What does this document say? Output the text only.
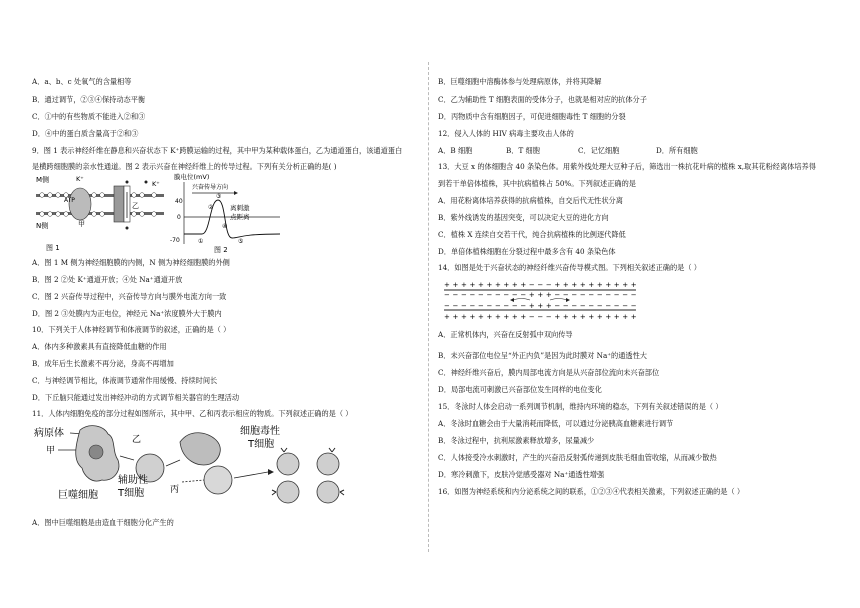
A．a、b、c 处氧气的含量相等
B．通过调节，②③④保持动态平衡
C．①中的有些物质不能进入②和③
D．④中的蛋白质含量高于②和③
9．图 1 表示神经纤维在静息和兴奋状态下 K⁺跨膜运输的过程，其中甲为某种载体蛋白，乙为通道蛋白，该通道蛋白
是横跨细胞膜的亲水性通道。图 2 表示兴奋在神经纤维上的传导过程。下列有关分析正确的是( )
M侧
N侧
K⁺
ATP
甲
乙
K⁺
图 1
膜电位(mV)
兴奋传导方向
40
0
-70
离刺激
点距离
①
②
③
④
⑤
图 2
A．图 1 M 侧为神经细胞膜的内侧，N 侧为神经细胞膜的外侧
B．图 2 ②处 K⁺通道开放；④处 Na⁺通道开放
C．图 2 兴奋传导过程中，兴奋传导方向与膜外电流方向一致
D．图 2 ③处膜内为正电位，神经元 Na⁺浓度膜外大于膜内
10．下列关于人体神经调节和体液调节的叙述，正确的是（ ）
A．体内多种激素具有直接降低血糖的作用
B．成年后生长激素不再分泌，身高不再增加
C．与神经调节相比，体液调节通常作用缓慢、持续时间长
D．下丘脑只能通过发出神经冲动的方式调节相关器官的生理活动
11．人体内细胞免疫的部分过程如图所示，其中甲、乙和丙表示相应的物质。下列叙述正确的是（ ）
病原体
甲
巨噬细胞
乙
辅助性
T细胞	丙
细胞毒性
T细胞
A．图中巨噬细胞是由造血干细胞分化产生的
B．巨噬细胞中溶酶体参与处理病原体，并将其降解
C．乙为辅助性 T 细胞表面的受体分子，也就是相对应的抗体分子
D．丙物质中含有细胞因子，可促进细胞毒性 T 细胞的分裂
12．侵入人体的 HIV 病毒主要攻击人体的
A．B 细胞	B．T 细胞	C．记忆细胞	D．所有细胞
13．大豆 x 的体细胞含 40 条染色体。用紫外线处理大豆种子后，筛选出一株抗花叶病的植株 x,取其花粉经离体培养得
到若干单倍体植株，其中抗病植株占 50%。下列叙述正确的是
A．用花粉离体培养获得的抗病植株，自交后代无性状分离
B．紫外线诱发的基因突变，可以决定大豆的进化方向
C．植株 X 连续自交若干代，纯合抗病植株的比例逐代降低
D．单倍体植株细胞在分裂过程中最多含有 40 条染色体
14．如图是处于兴奋状态的神经纤维兴奋传导模式图。下列相关叙述正确的是（ ）
+ + + + + + + + + + − − − + + + + + + + + + +
− − − − − − − − − − + + + − − − − − − − − − −
− − − − − − − − − − + + + − − − − − − − − − −
+ + + + + + + + + + − − − + + + + + + + + + +
A．正常机体内，兴奋在反射弧中双向传导
B．未兴奋部位电位呈“外正内负”是因为此时膜对 Na⁺的通透性大
C．神经纤维兴奋后，膜内局部电流方向是从兴奋部位流向未兴奋部位
D．局部电流可刺激已兴奋部位发生同样的电位变化
15．冬泳时人体会启动一系列调节机制，维持内环境的稳态，下列有关叙述错误的是（ ）
A．冬泳时血糖会由于大量消耗而降低，可以通过分泌胰高血糖素进行调节
B．冬泳过程中，抗利尿激素释放增多，尿量减少
C．人体接受冷水刺激时，产生的兴奋沿反射弧传递到皮肤毛细血管收缩，从而减少散热
D．寒冷刺激下，皮肤冷觉感受器对 Na⁺通透性增强
16．如图为神经系统和内分泌系统之间的联系，①②③④代表相关激素，下列叙述正确的是（ ）
